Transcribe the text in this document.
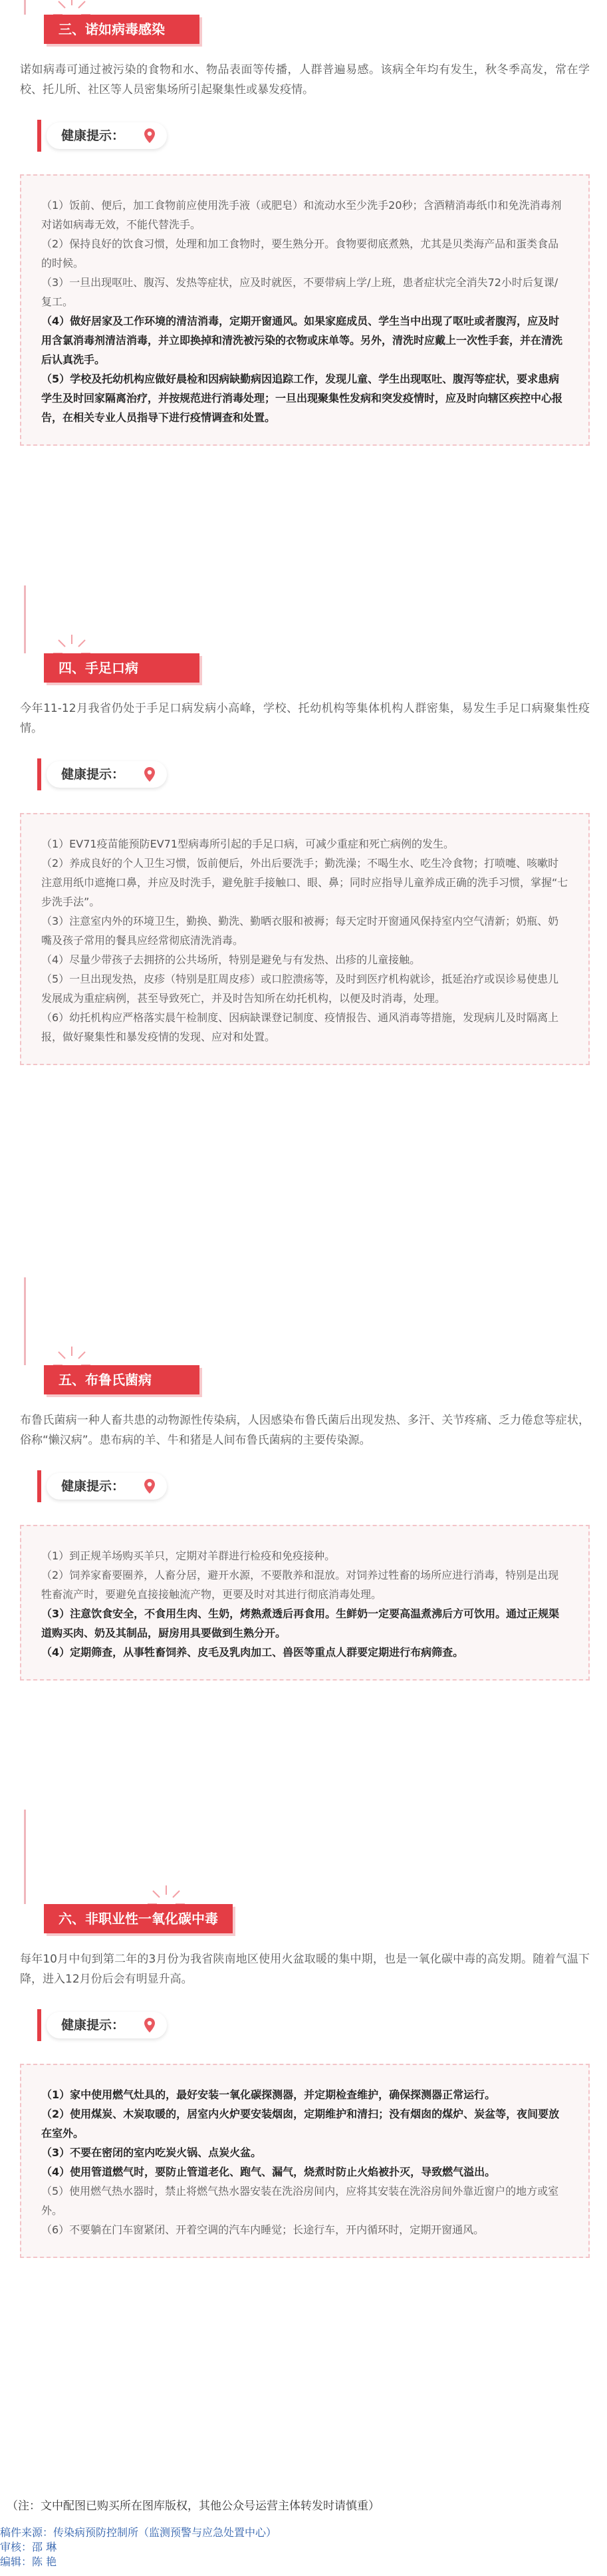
三、诺如病毒感染

诺如病毒可通过被污染的食物和水、物品表面等传播，人群普遍易感。该病全年均有发生，秋冬季高发，常在学校、托儿所、社区等人员密集场所引起聚集性或暴发疫情。

健康提示：

（1）饭前、便后，加工食物前应使用洗手液（或肥皂）和流动水至少洗手20秒；含酒精消毒纸巾和免洗消毒剂对诺如病毒无效，不能代替洗手。

（2）保持良好的饮食习惯，处理和加工食物时，要生熟分开。食物要彻底煮熟，尤其是贝类海产品和蛋类食品的时候。

（3）一旦出现呕吐、腹泻、发热等症状，应及时就医，不要带病上学/上班，患者症状完全消失72小时后复课/复工。

（4）做好居家及工作环境的清洁消毒，定期开窗通风。如果家庭成员、学生当中出现了呕吐或者腹泻，应及时用含氯消毒剂清洁消毒，并立即换掉和清洗被污染的衣物或床单等。另外，清洗时应戴上一次性手套，并在清洗后认真洗手。

（5）学校及托幼机构应做好晨检和因病缺勤病因追踪工作，发现儿童、学生出现呕吐、腹泻等症状，要求患病学生及时回家隔离治疗，并按规范进行消毒处理；一旦出现聚集性发病和突发疫情时，应及时向辖区疾控中心报告，在相关专业人员指导下进行疫情调查和处置。

四、手足口病

今年11-12月我省仍处于手足口病发病小高峰，学校、托幼机构等集体机构人群密集，易发生手足口病聚集性疫情。

健康提示：

（1）EV71疫苗能预防EV71型病毒所引起的手足口病，可减少重症和死亡病例的发生。

（2）养成良好的个人卫生习惯，饭前便后，外出后要洗手；勤洗澡；不喝生水、吃生冷食物；打喷嚏、咳嗽时注意用纸巾遮掩口鼻，并应及时洗手，避免脏手接触口、眼、鼻；同时应指导儿童养成正确的洗手习惯，掌握“七步洗手法”。

（3）注意室内外的环境卫生，勤换、勤洗、勤晒衣服和被褥；每天定时开窗通风保持室内空气清新；奶瓶、奶嘴及孩子常用的餐具应经常彻底清洗消毒。

（4）尽量少带孩子去拥挤的公共场所，特别是避免与有发热、出疹的儿童接触。

（5）一旦出现发热，皮疹（特别是肛周皮疹）或口腔溃疡等，及时到医疗机构就诊，抵延治疗或误诊易使患儿发展成为重症病例，甚至导致死亡，并及时告知所在幼托机构，以便及时消毒，处理。

（6）幼托机构应严格落实晨午检制度、因病缺课登记制度、疫情报告、通风消毒等措施，发现病儿及时隔离上报，做好聚集性和暴发疫情的发现、应对和处置。

五、布鲁氏菌病

布鲁氏菌病一种人畜共患的动物源性传染病，人因感染布鲁氏菌后出现发热、多汗、关节疼痛、乏力倦怠等症状，俗称“懒汉病”。患布病的羊、牛和猪是人间布鲁氏菌病的主要传染源。

健康提示：

（1）到正规羊场购买羊只，定期对羊群进行检疫和免疫接种。

（2）饲养家畜要圈养，人畜分居，避开水源，不要散养和混放。对饲养过牲畜的场所应进行消毒，特别是出现牲畜流产时，要避免直接接触流产物，更要及时对其进行彻底消毒处理。

（3）注意饮食安全，不食用生肉、生奶，烤熟煮透后再食用。生鲜奶一定要高温煮沸后方可饮用。通过正规渠道购买肉、奶及其制品，厨房用具要做到生熟分开。

（4）定期筛查，从事牲畜饲养、皮毛及乳肉加工、兽医等重点人群要定期进行布病筛查。

六、非职业性一氧化碳中毒

每年10月中旬到第二年的3月份为我省陕南地区使用火盆取暖的集中期，也是一氧化碳中毒的高发期。随着气温下降，进入12月份后会有明显升高。

健康提示：

（1）家中使用燃气灶具的，最好安装一氧化碳探测器，并定期检查维护，确保探测器正常运行。

（2）使用煤炭、木炭取暖的，居室内火炉要安装烟囱，定期维护和清扫；没有烟囱的煤炉、炭盆等，夜间要放在室外。

（3）不要在密闭的室内吃炭火锅、点炭火盆。

（4）使用管道燃气时，要防止管道老化、跑气、漏气，烧煮时防止火焰被扑灭，导致燃气溢出。

（5）使用燃气热水器时，禁止将燃气热水器安装在洗浴房间内，应将其安装在洗浴房间外靠近窗户的地方或室外。

（6）不要躺在门车窗紧闭、开着空调的汽车内睡觉；长途行车，开内循环时，定期开窗通风。

（注：文中配图已购买所在图库版权，其他公众号运营主体转发时请慎重）
稿件来源：传染病预防控制所（监测预警与应急处置中心）
审核：邵 琳
编辑：陈 艳
